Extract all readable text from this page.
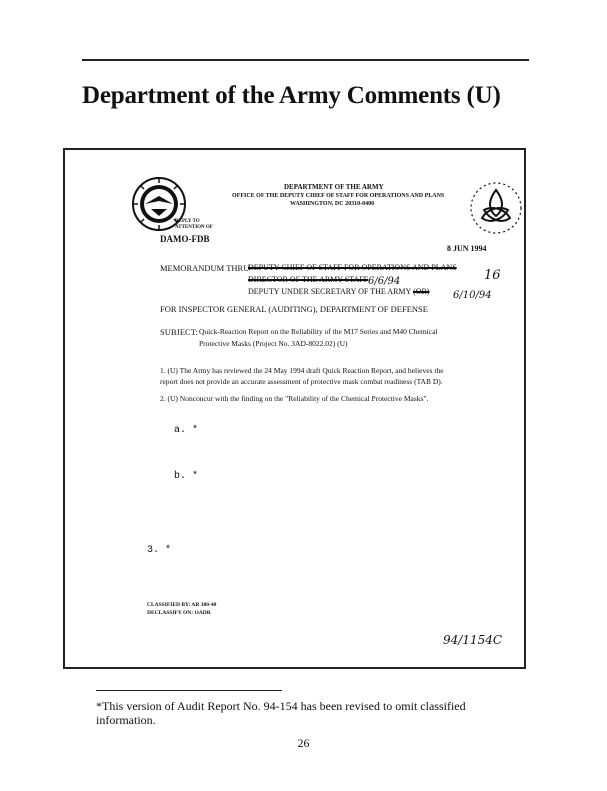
Department of the Army Comments (U)
DEPARTMENT OF THE ARMY
OFFICE OF THE DEPUTY CHIEF OF STAFF FOR OPERATIONS AND PLANS
WASHINGTON, DC 20310-0400
REPLY TO
ATTENTION OF
DAMO-FDB
8 JUN 1994
MEMORANDUM THRU
DEPUTY CHIEF OF STAFF FOR OPERATIONS AND PLANS
DIRECTOR OF THE ARMY STAFF
DEPUTY UNDER SECRETARY OF THE ARMY (OR)
16
6/6/94
6/10/94
FOR INSPECTOR GENERAL (AUDITING), DEPARTMENT OF DEFENSE
SUBJECT: Quick-Reaction Report on the Reliability of the M17 Series and M40 Chemical
Protective Masks (Project No. 3AD-8022.02) (U)
1. (U) The Army has reviewed the 24 May 1994 draft Quick Reaction Report, and believes the
report does not provide an accurate assessment of protective mask combat readiness (TAB D).
2. (U) Nonconcur with the finding on the "Reliability of the Chemical Protective Masks".
a. *
b. *
3. *
CLASSIFIED BY: AR 380-40
DECLASSIFY ON: OADR
94/1154C
*This version of Audit Report No. 94-154 has been revised to omit classified information.
26
